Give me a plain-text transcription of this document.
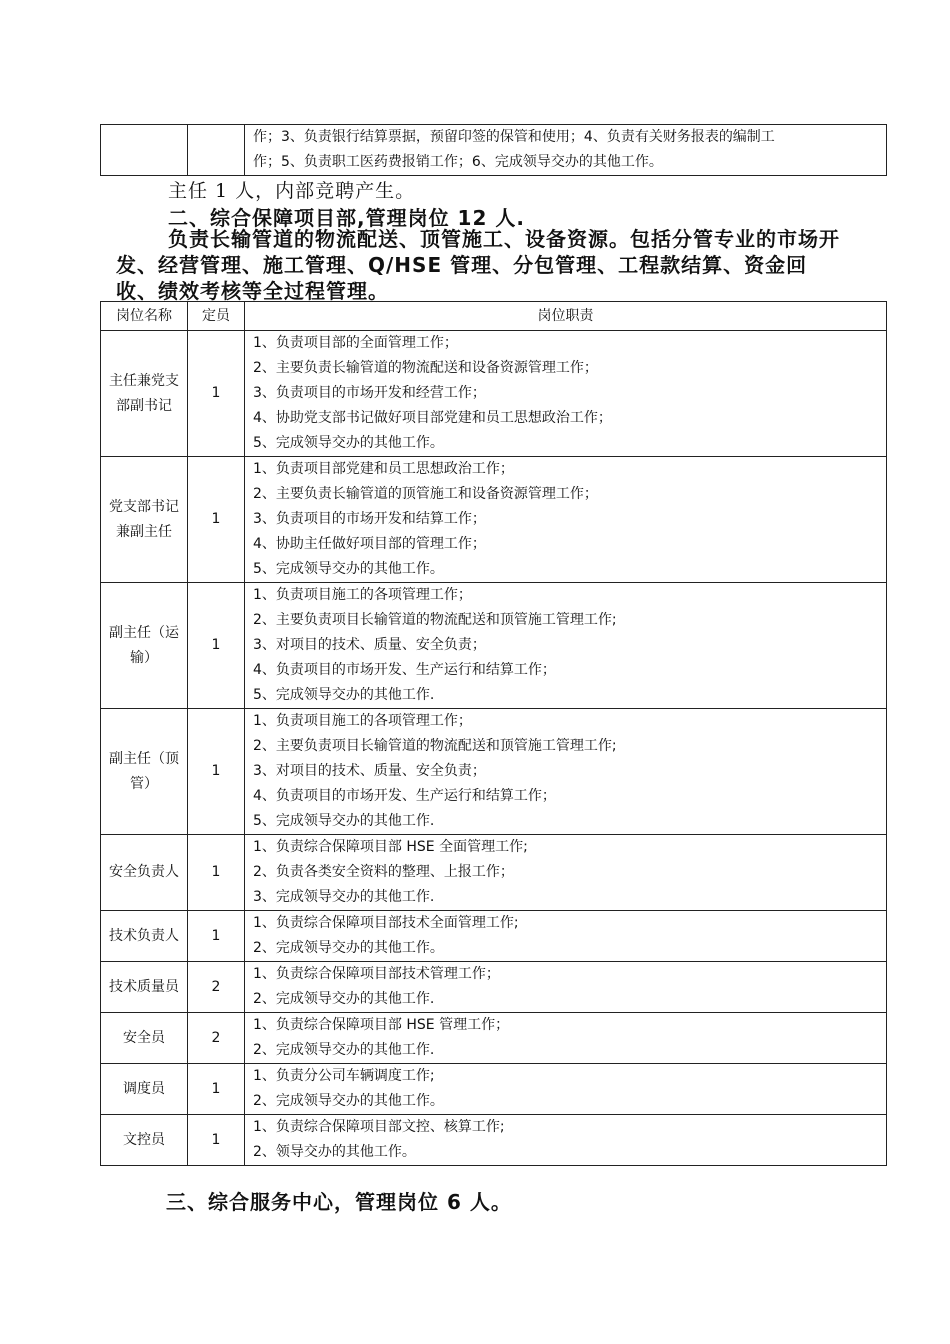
作；3、负责银行结算票据，预留印签的保管和使用；4、负责有关财务报表的编制工
作；5、负责职工医药费报销工作；6、完成领导交办的其他工作。
主任 1 人，内部竞聘产生。
二、综合保障项目部,管理岗位 12 人.
负责长输管道的物流配送、顶管施工、设备资源。包括分管专业的市场开发、经营管理、施工管理、Q/HSE 管理、分包管理、工程款结算、资金回收、绩效考核等全过程管理。
岗位名称	定员	岗位职责
主任兼党支部副书记	1	1、负责项目部的全面管理工作；
2、主要负责长输管道的物流配送和设备资源管理工作；
3、负责项目的市场开发和经营工作；
4、协助党支部书记做好项目部党建和员工思想政治工作；
5、完成领导交办的其他工作。

党支部书记兼副主任	1	1、负责项目部党建和员工思想政治工作；
2、主要负责长输管道的顶管施工和设备资源管理工作；
3、负责项目的市场开发和结算工作；
4、协助主任做好项目部的管理工作；
5、完成领导交办的其他工作。

副主任（运输）	1	1、负责项目施工的各项管理工作；
2、主要负责项目长输管道的物流配送和顶管施工管理工作;
3、对项目的技术、质量、安全负责；
4、负责项目的市场开发、生产运行和结算工作；
5、完成领导交办的其他工作.

副主任（顶管）	1	1、负责项目施工的各项管理工作；
2、主要负责项目长输管道的物流配送和顶管施工管理工作;
3、对项目的技术、质量、安全负责；
4、负责项目的市场开发、生产运行和结算工作；
5、完成领导交办的其他工作.

安全负责人	1	1、负责综合保障项目部 HSE 全面管理工作;
2、负责各类安全资料的整理、上报工作；
3、完成领导交办的其他工作.

技术负责人	1	1、负责综合保障项目部技术全面管理工作;
2、完成领导交办的其他工作。

技术质量员	2	1、负责综合保障项目部技术管理工作；
2、完成领导交办的其他工作.

安全员	2	1、负责综合保障项目部 HSE 管理工作；
2、完成领导交办的其他工作.

调度员	1	1、负责分公司车辆调度工作;
2、完成领导交办的其他工作。

文控员	1	1、负责综合保障项目部文控、核算工作;
2、领导交办的其他工作。
三、综合服务中心，管理岗位 6 人。
